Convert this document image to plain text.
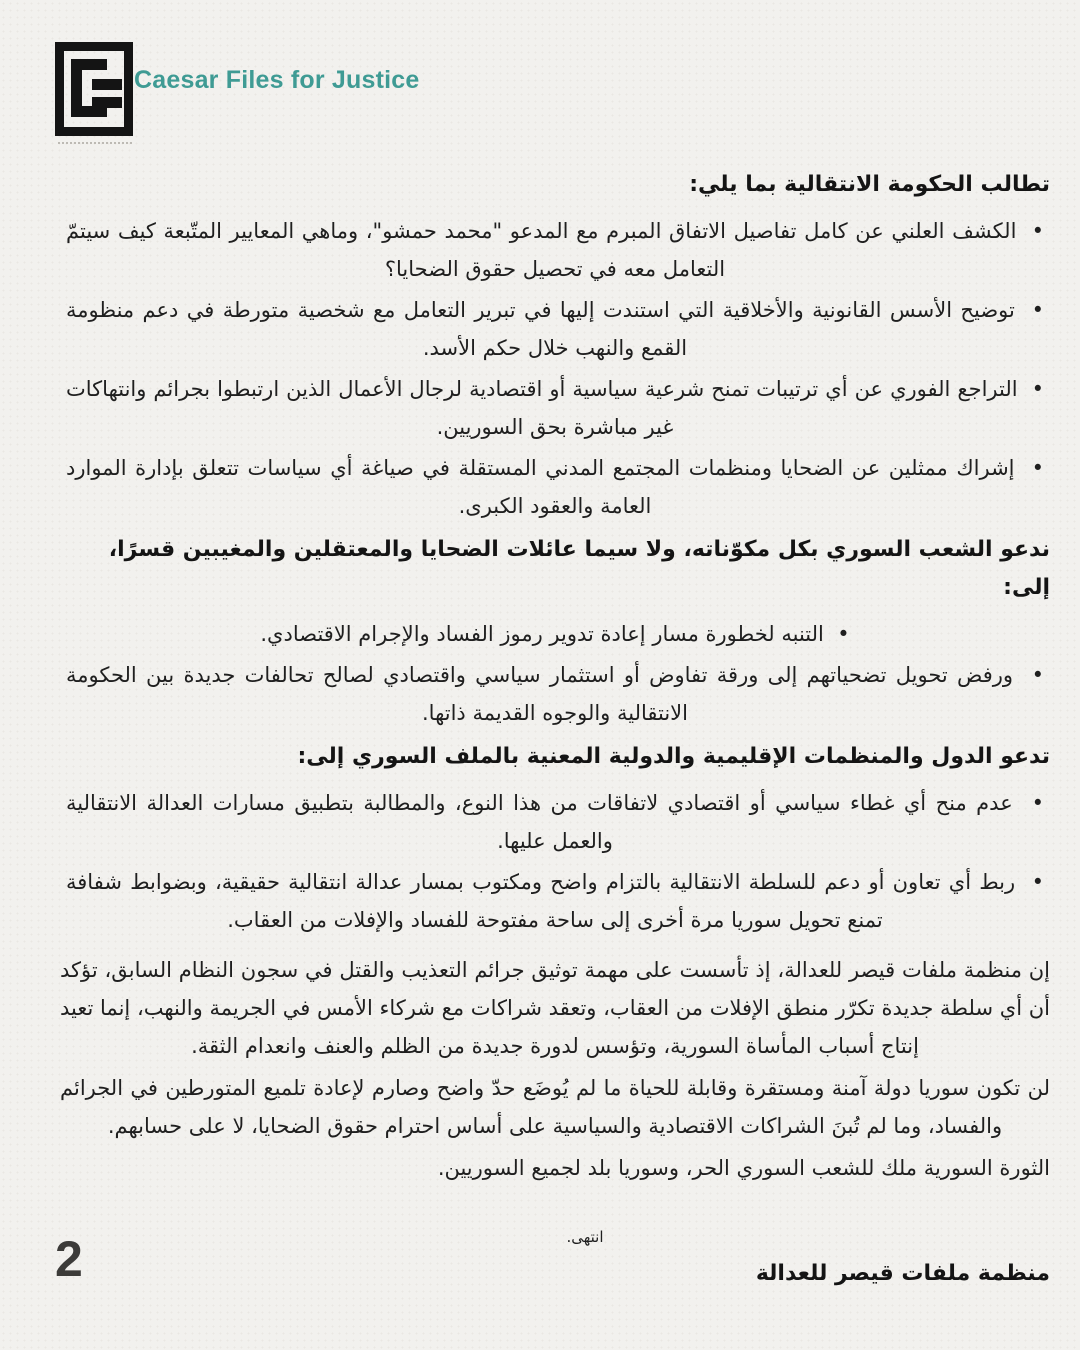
Caesar Files for Justice
تطالب الحكومة الانتقالية بما يلي:
•  الكشف العلني عن كامل تفاصيل الاتفاق المبرم مع المدعو "محمد حمشو"، وماهي المعايير المتّبعة كيف سيتمّ التعامل معه في تحصيل حقوق الضحايا؟
•  توضيح الأسس القانونية والأخلاقية التي استندت إليها في تبرير التعامل مع شخصية متورطة في دعم منظومة القمع والنهب خلال حكم الأسد.
•  التراجع الفوري عن أي ترتيبات تمنح شرعية سياسية أو اقتصادية لرجال الأعمال الذين ارتبطوا بجرائم وانتهاكات غير مباشرة بحق السوريين.
•  إشراك ممثلين عن الضحايا ومنظمات المجتمع المدني المستقلة في صياغة أي سياسات تتعلق بإدارة الموارد العامة والعقود الكبرى.
ندعو الشعب السوري بكل مكوّناته، ولا سيما عائلات الضحايا والمعتقلين والمغيبين قسرًا، إلى:
•  التنبه لخطورة مسار إعادة تدوير رموز الفساد والإجرام الاقتصادي.
•  ورفض تحويل تضحياتهم إلى ورقة تفاوض أو استثمار سياسي واقتصادي لصالح تحالفات جديدة بين الحكومة الانتقالية والوجوه القديمة ذاتها.
تدعو الدول والمنظمات الإقليمية والدولية المعنية بالملف السوري إلى:
•  عدم منح أي غطاء سياسي أو اقتصادي لاتفاقات من هذا النوع، والمطالبة بتطبيق مسارات العدالة الانتقالية والعمل عليها.
•  ربط أي تعاون أو دعم للسلطة الانتقالية بالتزام واضح ومكتوب بمسار عدالة انتقالية حقيقية، وبضوابط شفافة تمنع تحويل سوريا مرة أخرى إلى ساحة مفتوحة للفساد والإفلات من العقاب.

إن منظمة ملفات قيصر للعدالة، إذ تأسست على مهمة توثيق جرائم التعذيب والقتل في سجون النظام السابق، تؤكد أن أي سلطة جديدة تكرّر منطق الإفلات من العقاب، وتعقد شراكات مع شركاء الأمس في الجريمة والنهب، إنما تعيد إنتاج أسباب المأساة السورية، وتؤسس لدورة جديدة من الظلم والعنف وانعدام الثقة.

لن تكون سوريا دولة آمنة ومستقرة وقابلة للحياة ما لم يُوضَع حدّ واضح وصارم لإعادة تلميع المتورطين في الجرائم والفساد، وما لم تُبنَ الشراكات الاقتصادية والسياسية على أساس احترام حقوق الضحايا، لا على حسابهم.

الثورة السورية ملك للشعب السوري الحر، وسوريا بلد لجميع السوريين.

انتهى.
منظمة ملفات قيصر للعدالة
2
